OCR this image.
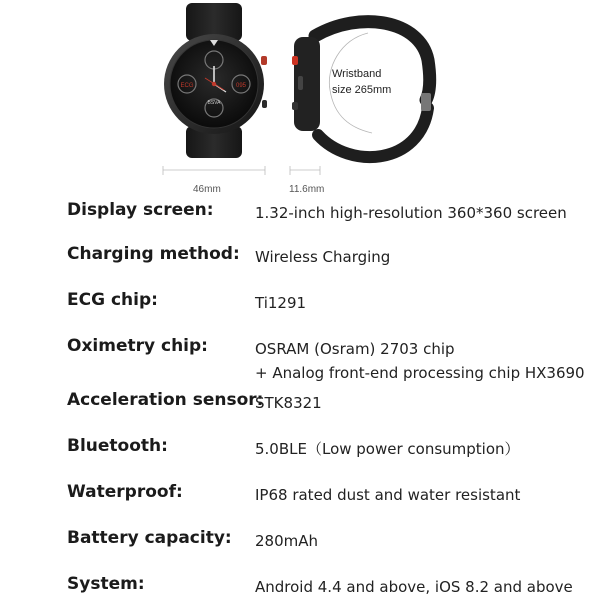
ECG	095
BSVA
46mm	11.6mm
Wristband
size 265mm
Display screen:	1.32-inch high-resolution 360*360 screen
Charging method: Wireless Charging
ECG chip:	Ti1291
Oximetry chip:	OSRAM (Osram) 2703 chip
+ Analog front-end processing chip HX3690
Acceleration sensor:
STK8321
Bluetooth:	5.0BLE（Low power consumption）
Waterproof:	IP68 rated dust and water resistant
Battery capacity: 280mAh
System:	Android 4.4 and above, iOS 8.2 and above
